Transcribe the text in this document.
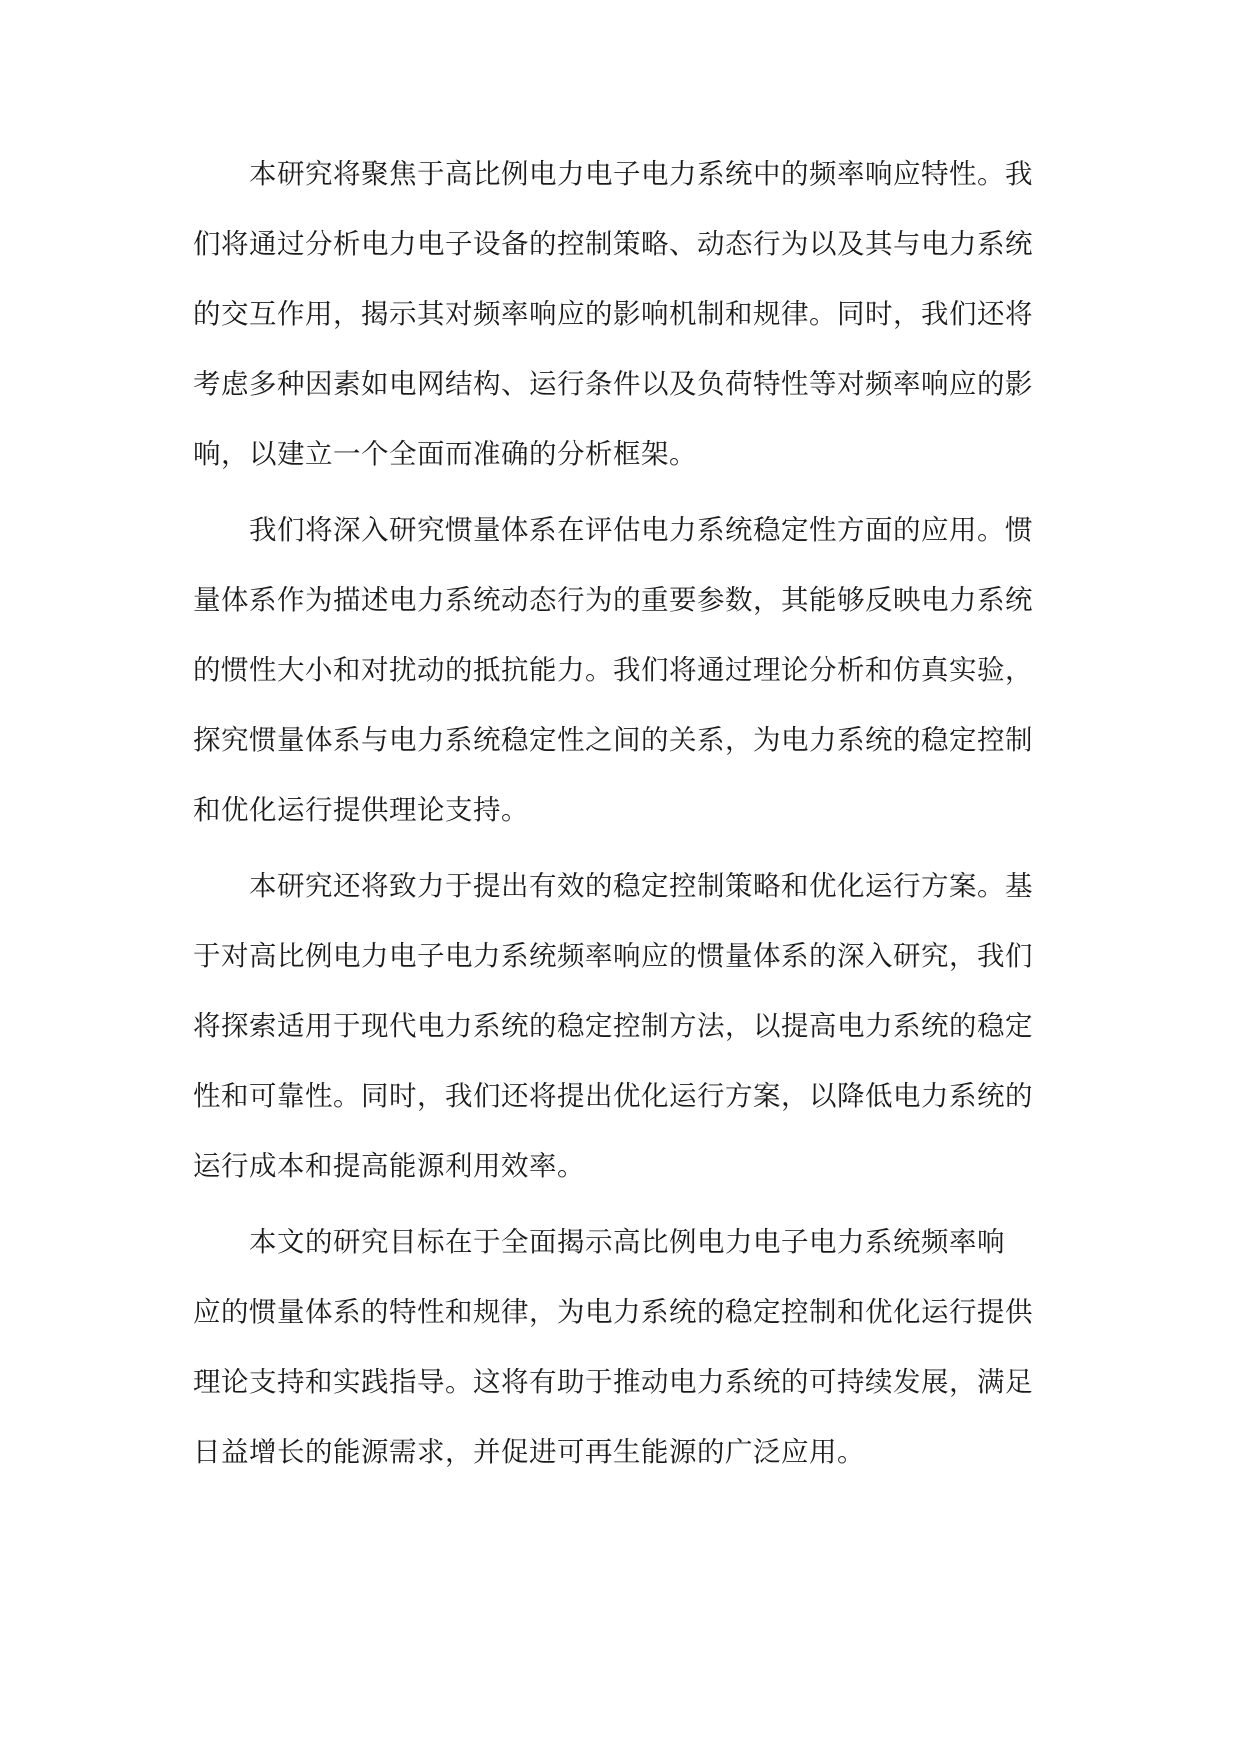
本研究将聚焦于高比例电力电子电力系统中的频率响应特性。我
们将通过分析电力电子设备的控制策略、动态行为以及其与电力系统
的交互作用，揭示其对频率响应的影响机制和规律。同时，我们还将
考虑多种因素如电网结构、运行条件以及负荷特性等对频率响应的影
响，以建立一个全面而准确的分析框架。
我们将深入研究惯量体系在评估电力系统稳定性方面的应用。惯
量体系作为描述电力系统动态行为的重要参数，其能够反映电力系统
的惯性大小和对扰动的抵抗能力。我们将通过理论分析和仿真实验，
探究惯量体系与电力系统稳定性之间的关系，为电力系统的稳定控制
和优化运行提供理论支持。
本研究还将致力于提出有效的稳定控制策略和优化运行方案。基
于对高比例电力电子电力系统频率响应的惯量体系的深入研究，我们
将探索适用于现代电力系统的稳定控制方法，以提高电力系统的稳定
性和可靠性。同时，我们还将提出优化运行方案，以降低电力系统的
运行成本和提高能源利用效率。
本文的研究目标在于全面揭示高比例电力电子电力系统频率响
应的惯量体系的特性和规律，为电力系统的稳定控制和优化运行提供
理论支持和实践指导。这将有助于推动电力系统的可持续发展，满足
日益增长的能源需求，并促进可再生能源的广泛应用。
